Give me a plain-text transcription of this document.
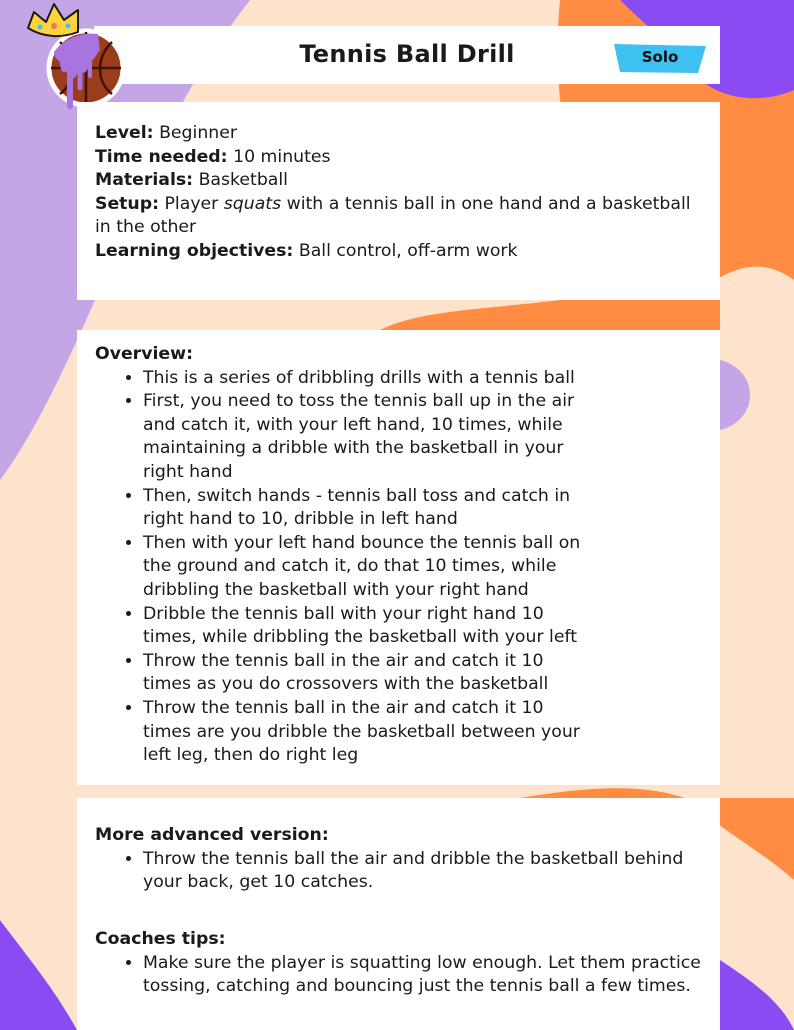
Tennis Ball Drill	Solo
Level: Beginner
Time needed: 10 minutes
Materials: Basketball
Setup: Player squats with a tennis ball in one hand and a basketball in the other
Learning objectives: Ball control, off-arm work
Overview:
• This is a series of dribbling drills with a tennis ball
• First, you need to toss the tennis ball up in the air and catch it, with your left hand, 10 times, while maintaining a dribble with the basketball in your right hand
• Then, switch hands - tennis ball toss and catch in right hand to 10, dribble in left hand
• Then with your left hand bounce the tennis ball on the ground and catch it, do that 10 times, while dribbling the basketball with your right hand
• Dribble the tennis ball with your right hand 10 times, while dribbling the basketball with your left
• Throw the tennis ball in the air and catch it 10 times as you do crossovers with the basketball
• Throw the tennis ball in the air and catch it 10 times are you dribble the basketball between your left leg, then do right leg
More advanced version:
• Throw the tennis ball the air and dribble the basketball behind your back, get 10 catches.
Coaches tips:
• Make sure the player is squatting low enough. Let them practice tossing, catching and bouncing just the tennis ball a few times.
